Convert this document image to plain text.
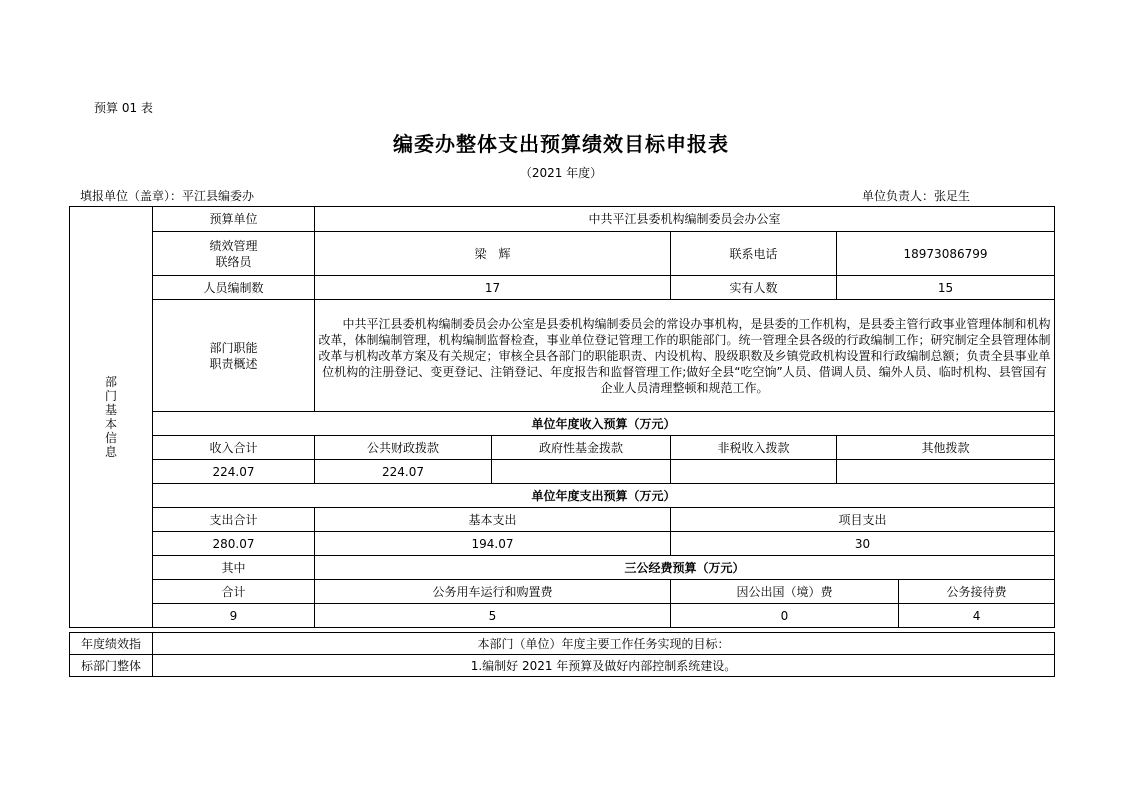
预算 01 表
编委办整体支出预算绩效目标申报表
（2021 年度）
填报单位（盖章）：平江县编委办	单位负责人：张足生
部门基本信息	预算单位	中共平江县委机构编制委员会办公室				

	绩效管理
联络员	梁　辉		联系电话	18973086799	
	人员编制数	17		实有人数	15	

	部门职能
职责概述	　　中共平江县委机构编制委员会办公室是县委机构编制委员会的常设办事机构，是县委的工作机构，是县委主管行政事业管理体制和机构改革，体制编制管理，机构编制监督检查，事业单位登记管理工作的职能部门。统一管理全县各级的行政编制工作；研究制定全县管理体制改革与机构改革方案及有关规定；审核全县各部门的职能职责、内设机构、股级职数及乡镇党政机构设置和行政编制总额；负责全县事业单位机构的注册登记、变更登记、注销登记、年度报告和监督管理工作;做好全县“吃空饷”人员、借调人员、编外人员、临时机构、县管国有企业人员清理整顿和规范工作。				
	单位年度收入预算（万元）					
	收入合计	公共财政拨款	政府性基金拨款	非税收入拨款	其他拨款	
	224.07	224.07				
	单位年度支出预算（万元）					
	支出合计	基本支出		项目支出		
	280.07	194.07		30		
	其中	三公经费预算（万元）				
	合计	公务用车运行和购置费		因公出国（境）费		公务接待费
	9	5		0		4
年度绩效指	本部门（单位）年度主要工作任务实现的目标：
标部门整体	1.编制好 2021 年预算及做好内部控制系统建设。
